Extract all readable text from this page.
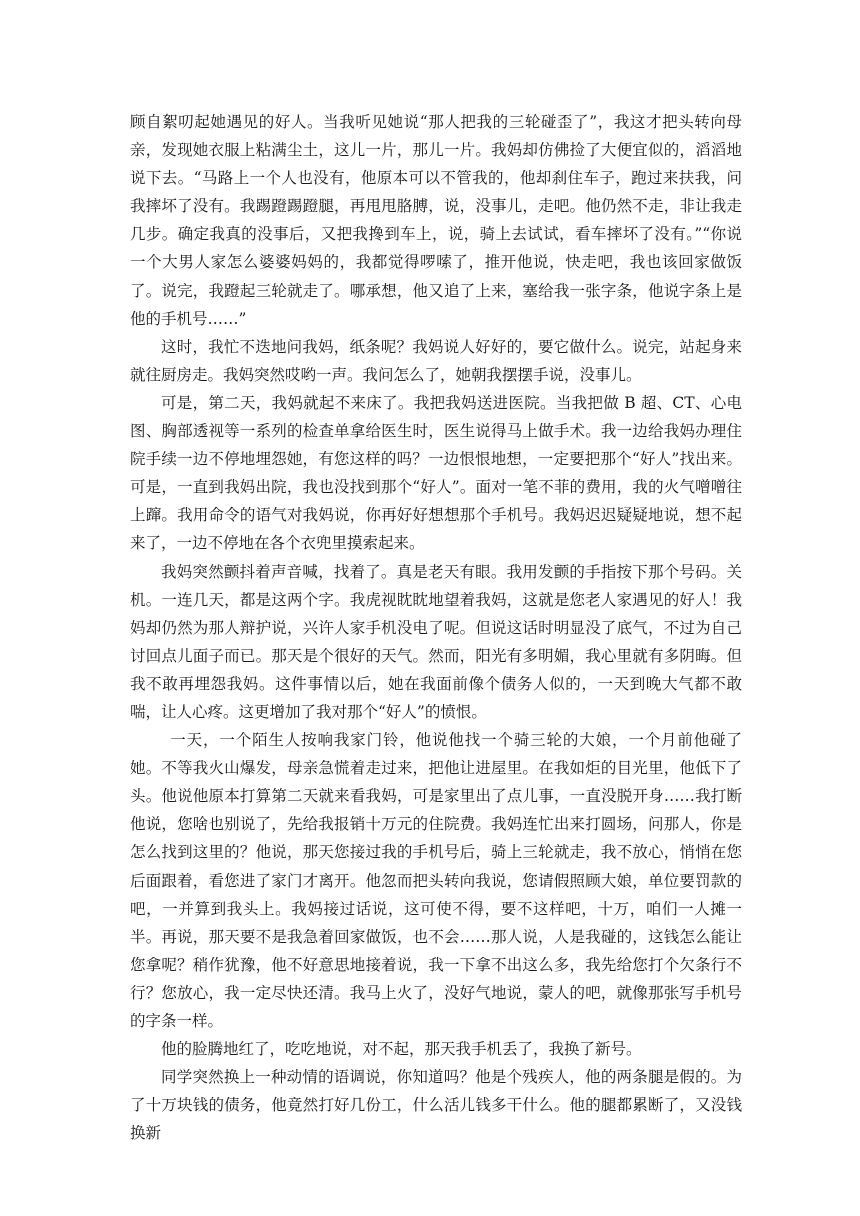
顾自絮叨起她遇见的好人。当我听见她说“那人把我的三轮碰歪了”，我这才把头转向母亲，发现她衣服上粘满尘土，这儿一片，那儿一片。我妈却仿佛捡了大便宜似的，滔滔地说下去。“马路上一个人也没有，他原本可以不管我的，他却刹住车子，跑过来扶我，问我摔坏了没有。我踢蹬踢蹬腿，再甩甩胳膊，说，没事儿，走吧。他仍然不走，非让我走几步。确定我真的没事后，又把我搀到车上，说，骑上去试试，看车摔坏了没有。”“你说一个大男人家怎么婆婆妈妈的，我都觉得啰嗦了，推开他说，快走吧，我也该回家做饭了。说完，我蹬起三轮就走了。哪承想，他又追了上来，塞给我一张字条，他说字条上是他的手机号……”

这时，我忙不迭地问我妈，纸条呢？我妈说人好好的，要它做什么。说完，站起身来就往厨房走。我妈突然哎哟一声。我问怎么了，她朝我摆摆手说，没事儿。

可是，第二天，我妈就起不来床了。我把我妈送进医院。当我把做 B 超、CT、心电图、胸部透视等一系列的检查单拿给医生时，医生说得马上做手术。我一边给我妈办理住院手续一边不停地埋怨她，有您这样的吗？一边恨恨地想，一定要把那个“好人”找出来。可是，一直到我妈出院，我也没找到那个“好人”。面对一笔不菲的费用，我的火气噌噌往上蹿。我用命令的语气对我妈说，你再好好想想那个手机号。我妈迟迟疑疑地说，想不起来了，一边不停地在各个衣兜里摸索起来。

我妈突然颤抖着声音喊，找着了。真是老天有眼。我用发颤的手指按下那个号码。关机。一连几天，都是这两个字。我虎视眈眈地望着我妈，这就是您老人家遇见的好人！我妈却仍然为那人辩护说，兴许人家手机没电了呢。但说这话时明显没了底气，不过为自己讨回点儿面子而已。那天是个很好的天气。然而，阳光有多明媚，我心里就有多阴晦。但我不敢再埋怨我妈。这件事情以后，她在我面前像个债务人似的，一天到晚大气都不敢喘，让人心疼。这更增加了我对那个“好人”的愤恨。

一天，一个陌生人按响我家门铃，他说他找一个骑三轮的大娘，一个月前他碰了她。不等我火山爆发，母亲急慌着走过来，把他让进屋里。在我如炬的目光里，他低下了头。他说他原本打算第二天就来看我妈，可是家里出了点儿事，一直没脱开身……我打断他说，您啥也别说了，先给我报销十万元的住院费。我妈连忙出来打圆场，问那人，你是怎么找到这里的？他说，那天您接过我的手机号后，骑上三轮就走，我不放心，悄悄在您后面跟着，看您进了家门才离开。他忽而把头转向我说，您请假照顾大娘，单位要罚款的吧，一并算到我头上。我妈接过话说，这可使不得，要不这样吧，十万，咱们一人摊一半。再说，那天要不是我急着回家做饭，也不会……那人说，人是我碰的，这钱怎么能让您拿呢？稍作犹豫，他不好意思地接着说，我一下拿不出这么多，我先给您打个欠条行不行？您放心，我一定尽快还清。我马上火了，没好气地说，蒙人的吧，就像那张写手机号的字条一样。

他的脸腾地红了，吃吃地说，对不起，那天我手机丢了，我换了新号。

同学突然换上一种动情的语调说，你知道吗？他是个残疾人，他的两条腿是假的。为了十万块钱的债务，他竟然打好几份工，什么活儿钱多干什么。他的腿都累断了，又没钱换新
